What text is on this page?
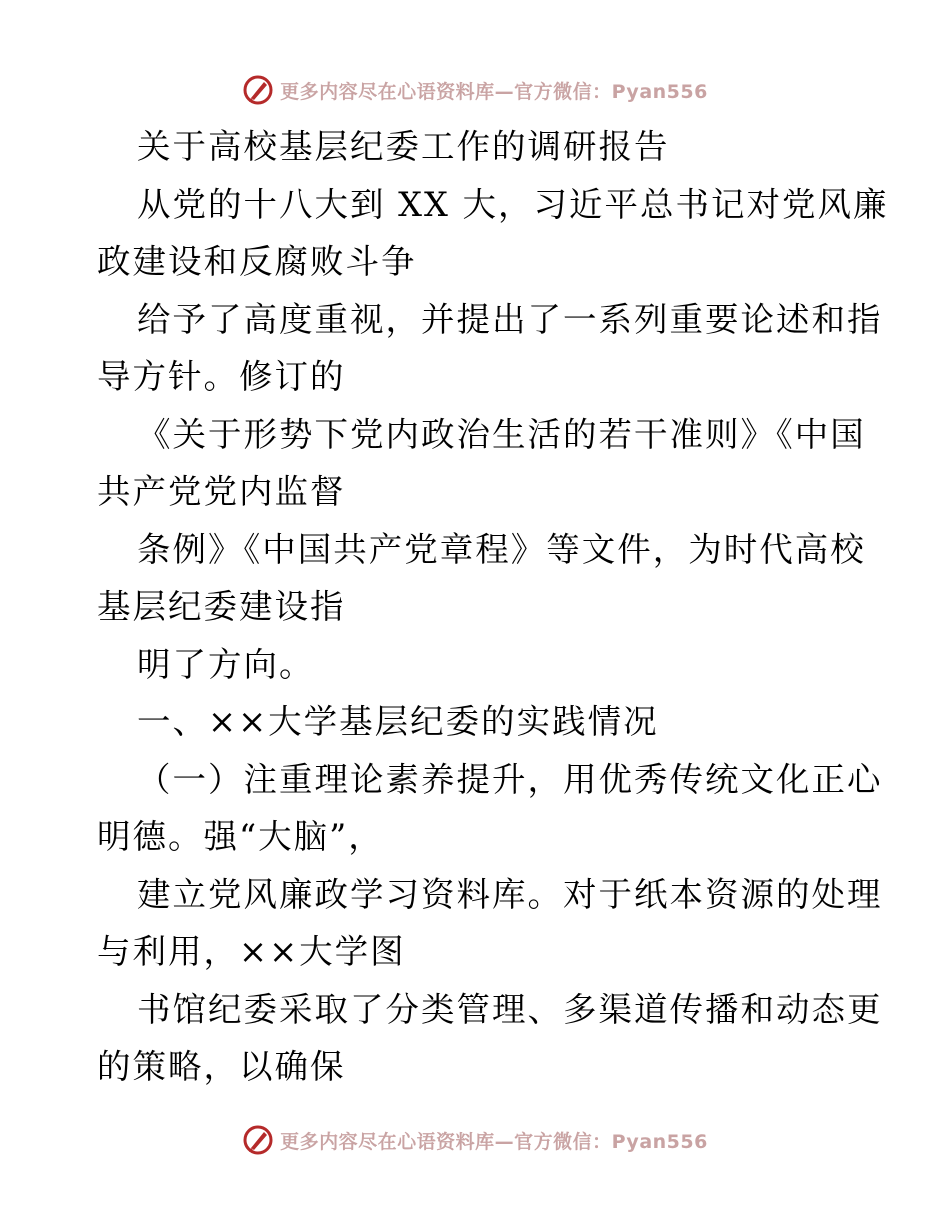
更多内容尽在心语资料库—官方微信：Pyan556
关于高校基层纪委工作的调研报告
从党的十八大到 XX 大，习近平总书记对党风廉
政建设和反腐败斗争
给予了高度重视，并提出了一系列重要论述和指
导方针。修订的
《关于形势下党内政治生活的若干准则》《中国
共产党党内监督
条例》《中国共产党章程》等文件，为时代高校
基层纪委建设指
明了方向。
一、××大学基层纪委的实践情况
（一）注重理论素养提升，用优秀传统文化正心
明德。强“大脑”，
建立党风廉政学习资料库。对于纸本资源的处理
与利用，××大学图
书馆纪委采取了分类管理、多渠道传播和动态更
的策略，以确保
更多内容尽在心语资料库—官方微信：Pyan556
